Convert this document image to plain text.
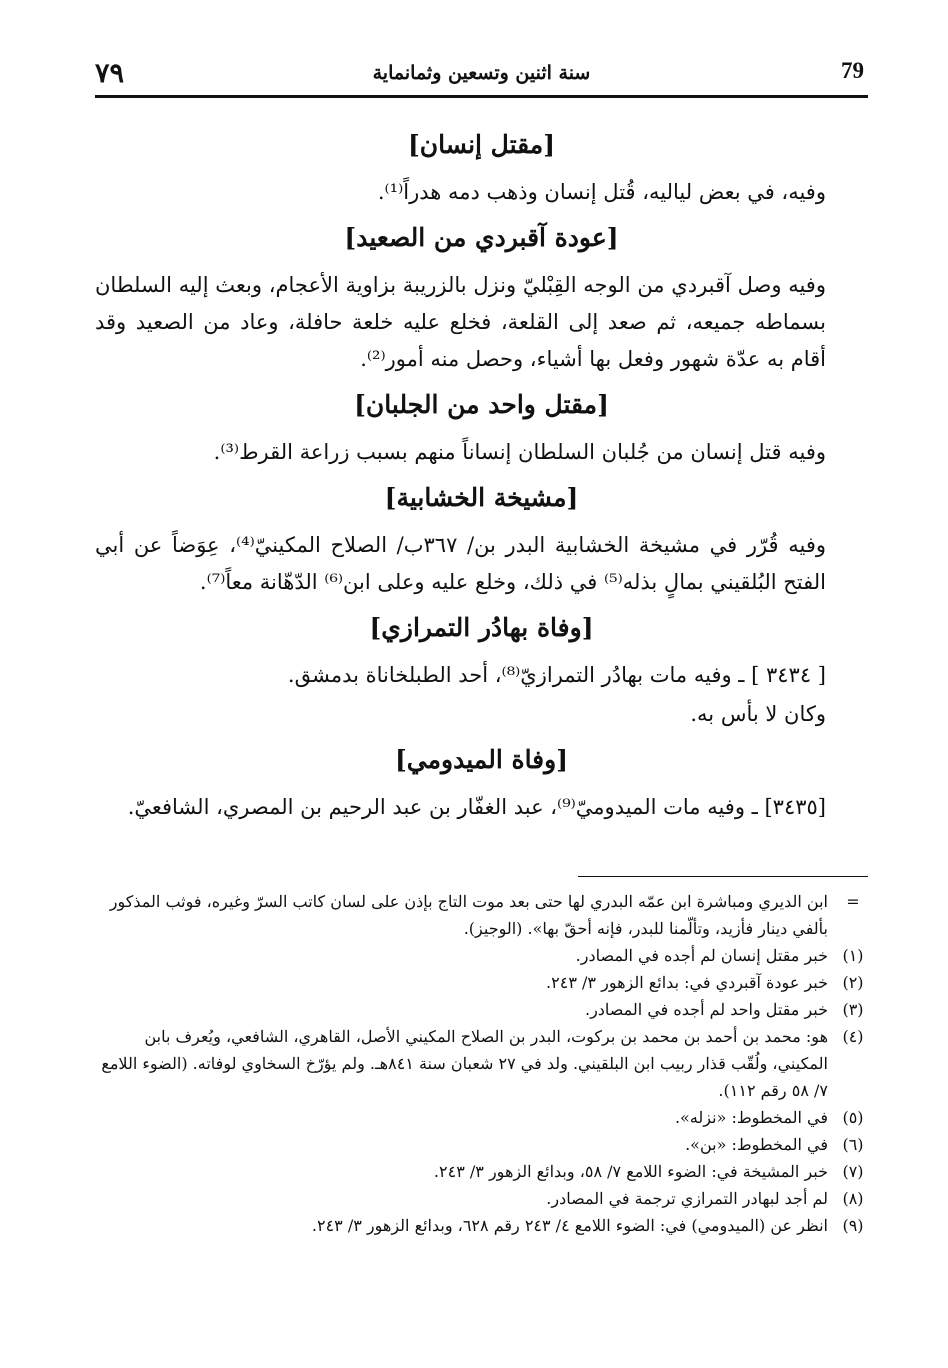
٧٩	سنة اثنين وتسعين وثمانماية	79
[مقتل إنسان]

وفيه، في بعض لياليه، قُتل إنسان وذهب دمه هدراً⁽¹⁾.

[عودة آقبردي من الصعيد]

وفيه وصل آقبردي من الوجه القِبْليّ ونزل بالزريبة بزاوية الأعجام، وبعث إليه السلطان بسماطه جميعه، ثم صعد إلى القلعة، فخلع عليه خلعة حافلة، وعاد من الصعيد وقد أقام به عدّة شهور وفعل بها أشياء، وحصل منه أمور⁽²⁾.

[مقتل واحد من الجلبان]

وفيه قتل إنسان من جُلبان السلطان إنساناً منهم بسبب زراعة القرط⁽³⁾.

[مشيخة الخشابية]

وفيه قُرّر في مشيخة الخشابية البدر بن/ ٣٦٧ب/ الصلاح المكينيّ⁽⁴⁾، عِوَضاً عن أبي الفتح البُلقيني بمالٍ بذله⁽⁵⁾ في ذلك، وخلع عليه وعلى ابن⁽⁶⁾ الدّهّانة معاً⁽⁷⁾.

[وفاة بهادُر التمرازي]

[ ٣٤٣٤ ] ـ وفيه مات بهادُر التمرازيّ⁽⁸⁾، أحد الطبلخاناة بدمشق.

وكان لا بأس به.

[وفاة الميدومي]

[٣٤٣٥] ـ وفيه مات الميدوميّ⁽⁹⁾، عبد الغفّار بن عبد الرحيم بن المصري، الشافعيّ.

=
ابن الديري ومباشرة ابن عمّه البدري لها حتى بعد موت التاج بإذن على لسان كاتب السرّ وغيره، فوثب المذكور بألفي دينار فأزيد، وتألّمنا للبدر، فإنه أحقّ بها». (الوجيز).
(١)
خبر مقتل إنسان لم أجده في المصادر.
(٢)
خبر عودة آقبردي في: بدائع الزهور ٣/ ٢٤٣.
(٣)
خبر مقتل واحد لم أجده في المصادر.
(٤)
هو: محمد بن أحمد بن محمد بن بركوت، البدر بن الصلاح المكيني الأصل، القاهري، الشافعي، ويُعرف بابن المكيني، ولُقّب قذار ربيب ابن البلقيني. ولد في ٢٧ شعبان سنة ٨٤١هـ. ولم يؤرّخ السخاوي لوفاته. (الضوء اللامع ٧/ ٥٨ رقم ١١٢).
(٥)
في المخطوط: «نزله».
(٦)
في المخطوط: «بن».
(٧)
خبر المشيخة في: الضوء اللامع ٧/ ٥٨، وبدائع الزهور ٣/ ٢٤٣.
(٨)
لم أجد لبهادر التمرازي ترجمة في المصادر.
(٩)
انظر عن (الميدومي) في: الضوء اللامع ٤/ ٢٤٣ رقم ٦٢٨، وبدائع الزهور ٣/ ٢٤٣.
